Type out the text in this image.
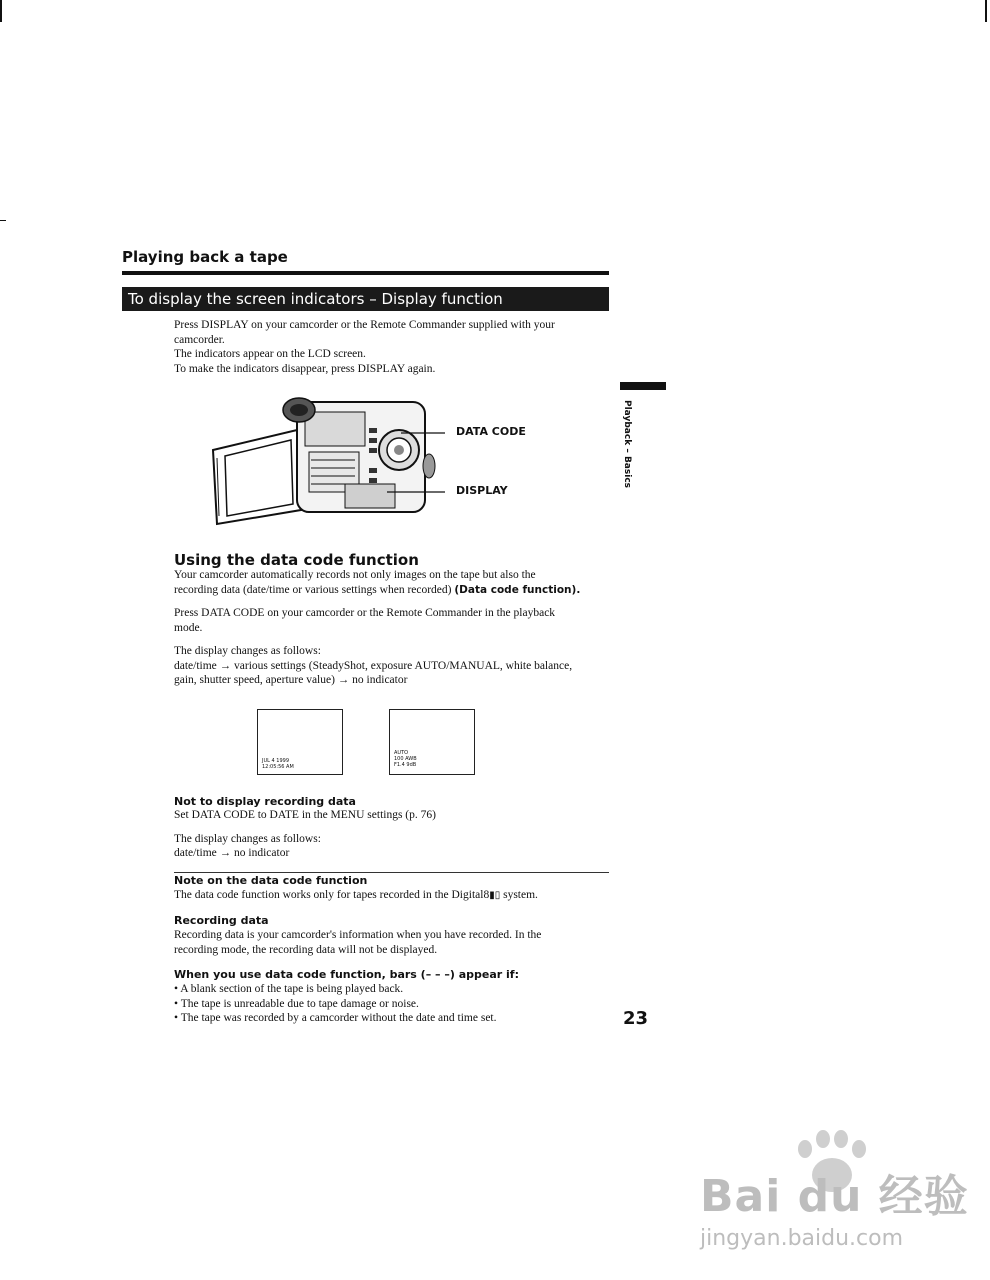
Playing back a tape
To display the screen indicators – Display function
Press DISPLAY on your camcorder or the Remote Commander supplied with your
camcorder.
The indicators appear on the LCD screen.
To make the indicators disappear, press DISPLAY again.
DATA CODE
DISPLAY
Playback – Basics
Using the data code function
Your camcorder automatically records not only images on the tape but also the
recording data (date/time or various settings when recorded) (Data code function).
Press DATA CODE on your camcorder or the Remote Commander in the playback
mode.
The display changes as follows:
date/time → various settings (SteadyShot, exposure AUTO/MANUAL, white balance,
gain, shutter speed, aperture value) → no indicator
JUL 4 1999
12:05:56 AM
AUTO
100 AWB
F1.4 9dB
Not to display recording data
Set DATA CODE to DATE in the MENU settings (p. 76)
The display changes as follows:
date/time → no indicator
Note on the data code function
The data code function works only for tapes recorded in the Digital8▮▯ system.
Recording data
Recording data is your camcorder's information when you have recorded. In the
recording mode, the recording data will not be displayed.
When you use data code function, bars (– – –) appear if:
• A blank section of the tape is being played back.
• The tape is unreadable due to tape damage or noise.
• The tape was recorded by a camcorder without the date and time set.	23
Bai du 经验
jingyan.baidu.com
